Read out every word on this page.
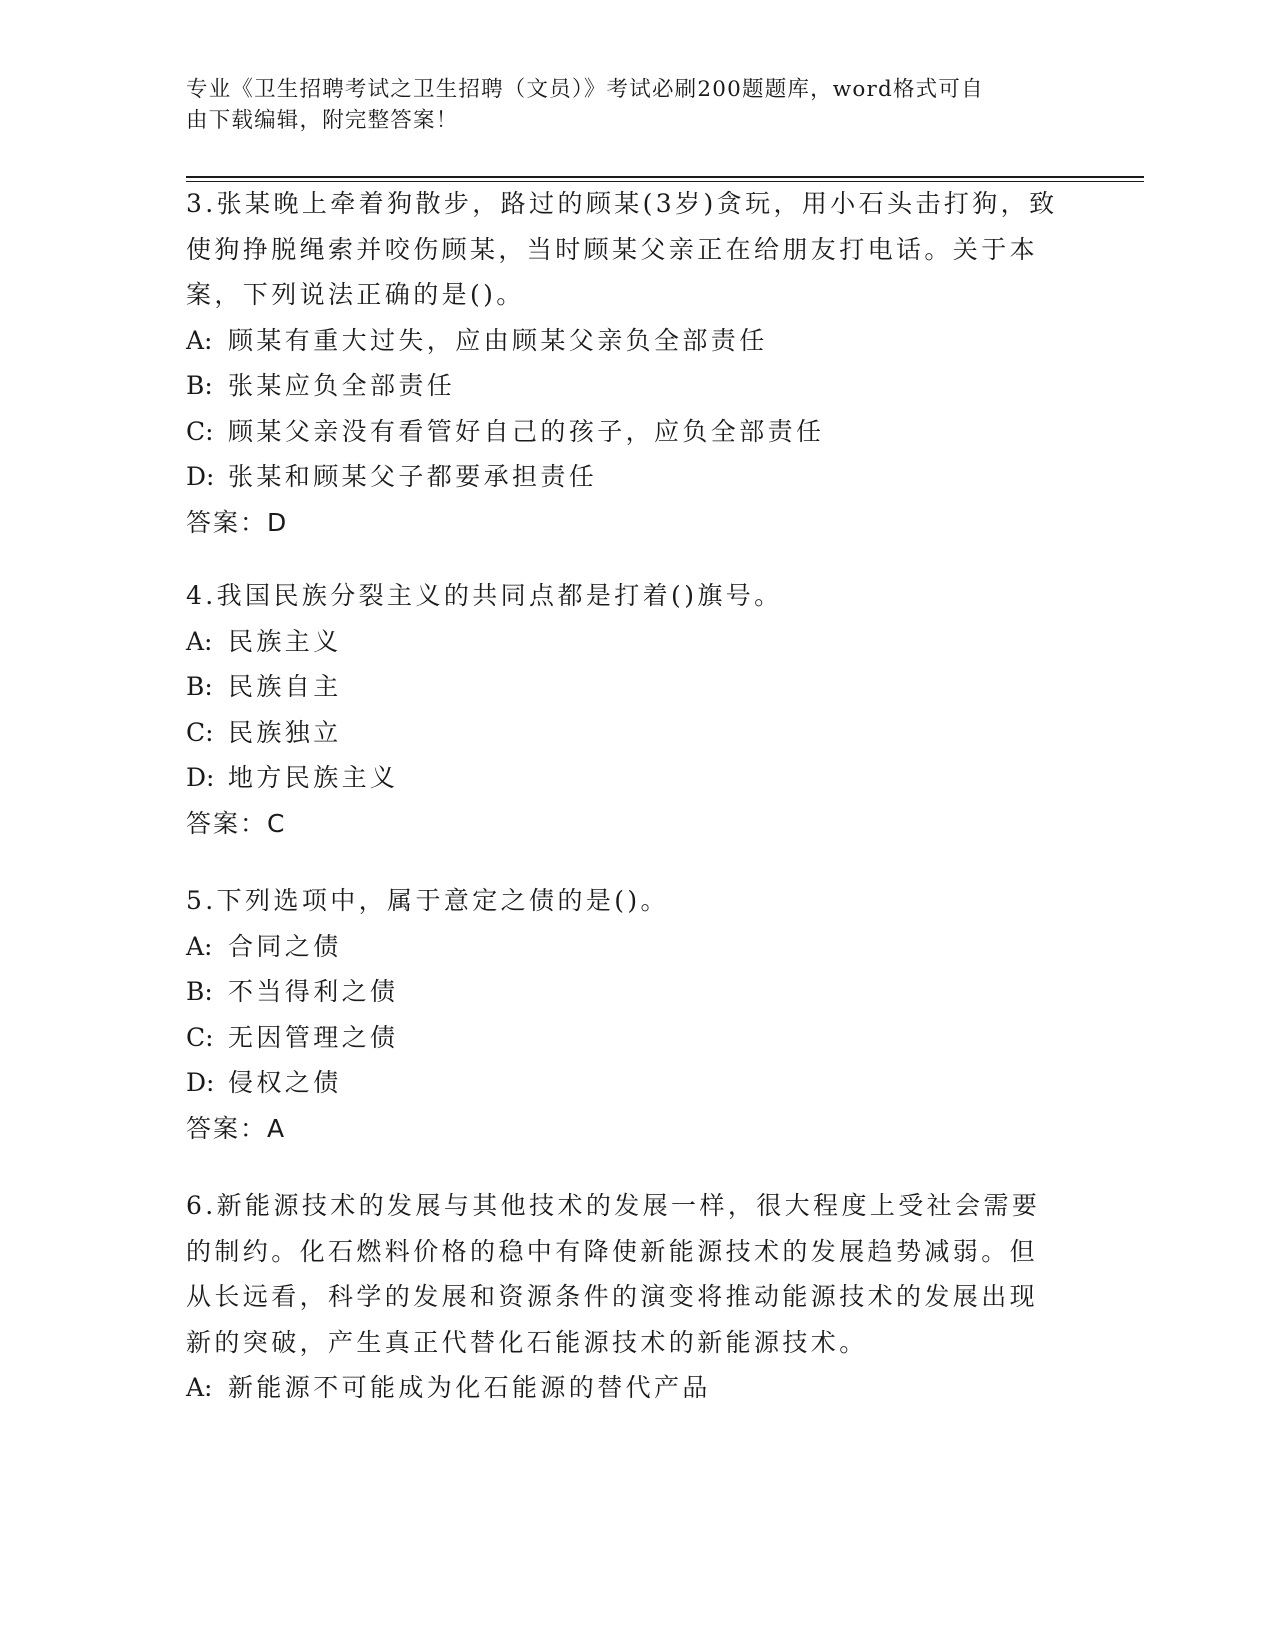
专业《卫生招聘考试之卫生招聘（文员）》考试必刷200题题库，word格式可自
由下载编辑，附完整答案！
3.张某晚上牵着狗散步，路过的顾某(3岁)贪玩，用小石头击打狗，致
使狗挣脱绳索并咬伤顾某，当时顾某父亲正在给朋友打电话。关于本
案，下列说法正确的是()。
A: 顾某有重大过失，应由顾某父亲负全部责任
B: 张某应负全部责任
C: 顾某父亲没有看管好自己的孩子，应负全部责任
D: 张某和顾某父子都要承担责任
答案：D
4.我国民族分裂主义的共同点都是打着()旗号。
A: 民族主义
B: 民族自主
C: 民族独立
D: 地方民族主义
答案：C
5.下列选项中，属于意定之债的是()。
A: 合同之债
B: 不当得利之债
C: 无因管理之债
D: 侵权之债
答案：A
6.新能源技术的发展与其他技术的发展一样，很大程度上受社会需要
的制约。化石燃料价格的稳中有降使新能源技术的发展趋势减弱。但
从长远看，科学的发展和资源条件的演变将推动能源技术的发展出现
新的突破，产生真正代替化石能源技术的新能源技术。
A: 新能源不可能成为化石能源的替代产品
